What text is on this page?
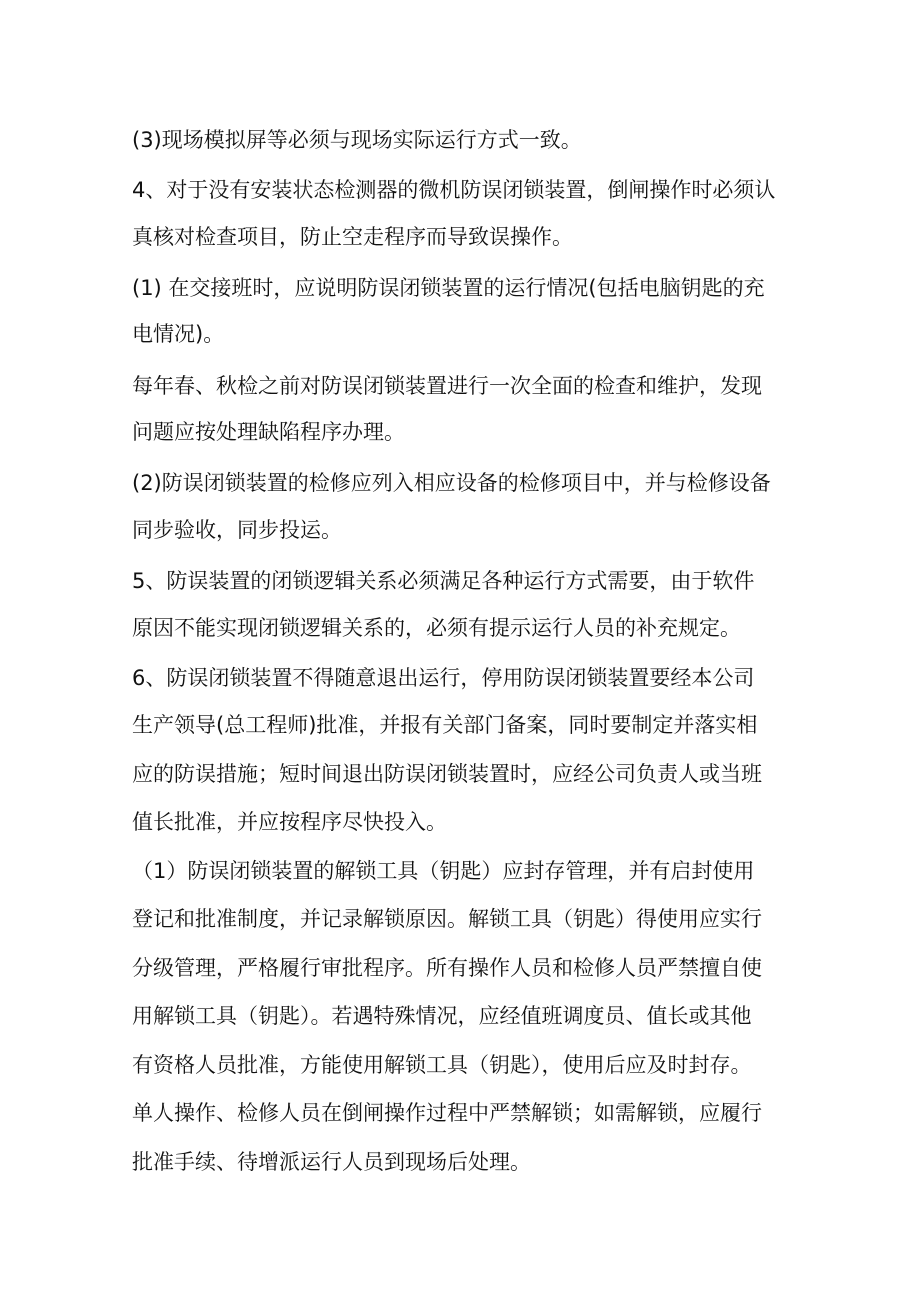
(3)现场模拟屏等必须与现场实际运行方式一致。
4、对于没有安装状态检测器的微机防误闭锁装置，倒闸操作时必须认
真核对检查项目，防止空走程序而导致误操作。
(1) 在交接班时，应说明防误闭锁装置的运行情况(包括电脑钥匙的充
电情况)。
每年春、秋检之前对防误闭锁装置进行一次全面的检查和维护，发现
问题应按处理缺陷程序办理。
(2)防误闭锁装置的检修应列入相应设备的检修项目中，并与检修设备
同步验收，同步投运。
5、防误装置的闭锁逻辑关系必须满足各种运行方式需要，由于软件
原因不能实现闭锁逻辑关系的，必须有提示运行人员的补充规定。
6、防误闭锁装置不得随意退出运行，停用防误闭锁装置要经本公司
生产领导(总工程师)批准，并报有关部门备案，同时要制定并落实相
应的防误措施；短时间退出防误闭锁装置时，应经公司负责人或当班
值长批准，并应按程序尽快投入。
（1）防误闭锁装置的解锁工具（钥匙）应封存管理，并有启封使用
登记和批准制度，并记录解锁原因。解锁工具（钥匙）得使用应实行
分级管理，严格履行审批程序。所有操作人员和检修人员严禁擅自使
用解锁工具（钥匙）。若遇特殊情况，应经值班调度员、值长或其他
有资格人员批准，方能使用解锁工具（钥匙），使用后应及时封存。
单人操作、检修人员在倒闸操作过程中严禁解锁；如需解锁，应履行
批准手续、待增派运行人员到现场后处理。
